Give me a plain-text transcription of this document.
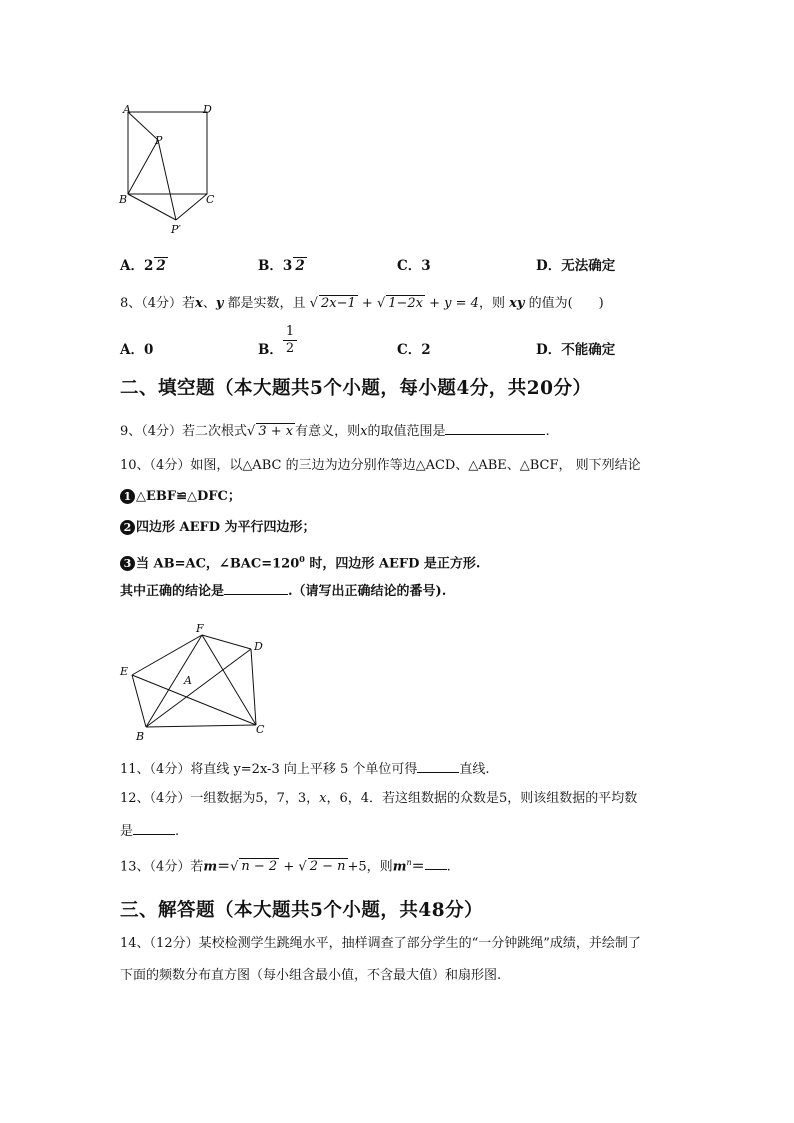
A	D
P
B	C
P′
A．2 2	B．3 2	C．3	D．无法确定
8、（4分）若x、y 都是实数，且 √ 2x−1 + √ 1−2x + y = 4，则 xy 的值为(　　)
A．0	B．
1
2	C．2	D．不能确定
二、填空题（本大题共5个小题，每小题4分，共20分）
9、（4分）若二次根式√ 3 + x 有意义，则x的取值范围是	.
10、（4分）如图，以△ABC 的三边为边分别作等边△ACD、△ABE、△BCF， 则下列结论
1 △EBF≌△DFC；
2 四边形 AEFD 为平行四边形；
3 当 AB=AC，$\angle BAC=120^0$ 时，四边形 AEFD 是正方形.
其中正确的结论是	.（请写出正确结论的番号).
F
D
E
A
B
C
11、（4分）将直线 y=2x-3 向上平移 5 个单位可得	直线.
12、（4分）一组数据为5，7，3，x，6，4．若这组数据的众数是5，则该组数据的平均数
是	.
13、（4分）若m＝√ n − 2 + √ 2 − n +5，则$m^n=$ .
三、解答题（本大题共5个小题，共48分）
14、（12分）某校检测学生跳绳水平，抽样调查了部分学生的“一分钟跳绳”成绩，并绘制了
下面的频数分布直方图（每小组含最小值，不含最大值）和扇形图.
